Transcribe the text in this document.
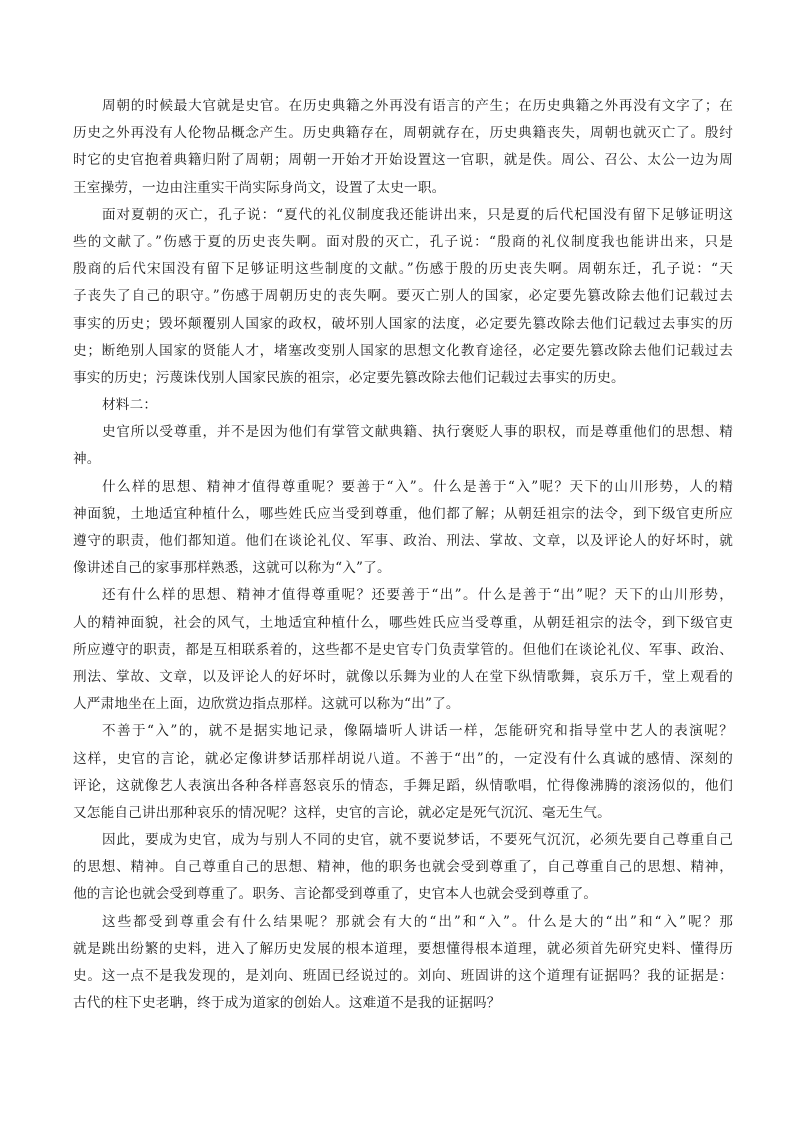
周朝的时候最大官就是史官。在历史典籍之外再没有语言的产生；在历史典籍之外再没有文字了；在
历史之外再没有人伦物品概念产生。历史典籍存在，周朝就存在，历史典籍丧失，周朝也就灭亡了。殷纣
时它的史官抱着典籍归附了周朝；周朝一开始才开始设置这一官职，就是佚。周公、召公、太公一边为周
王室操劳，一边由注重实干尚实际身尚文，设置了太史一职。
面对夏朝的灭亡，孔子说：“夏代的礼仪制度我还能讲出来，只是夏的后代杞国没有留下足够证明这
些的文献了。”伤感于夏的历史丧失啊。面对殷的灭亡，孔子说：“殷商的礼仪制度我也能讲出来，只是
殷商的后代宋国没有留下足够证明这些制度的文献。”伤感于殷的历史丧失啊。周朝东迁，孔子说：“天
子丧失了自己的职守。”伤感于周朝历史的丧失啊。要灭亡别人的国家，必定要先篡改除去他们记载过去
事实的历史；毁坏颠覆别人国家的政权，破坏别人国家的法度，必定要先篡改除去他们记载过去事实的历
史；断绝别人国家的贤能人才，堵塞改变别人国家的思想文化教育途径，必定要先篡改除去他们记载过去
事实的历史；污蔑诛伐别人国家民族的祖宗，必定要先篡改除去他们记载过去事实的历史。
材料二：
史官所以受尊重，并不是因为他们有掌管文献典籍、执行褒贬人事的职权，而是尊重他们的思想、精
神。
什么样的思想、精神才值得尊重呢？要善于“入”。什么是善于“入”呢？天下的山川形势，人的精
神面貌，土地适宜种植什么，哪些姓氏应当受到尊重，他们都了解；从朝廷祖宗的法令，到下级官吏所应
遵守的职责，他们都知道。他们在谈论礼仪、军事、政治、刑法、掌故、文章，以及评论人的好坏时，就
像讲述自己的家事那样熟悉，这就可以称为“入”了。
还有什么样的思想、精神才值得尊重呢？还要善于“出”。什么是善于“出”呢？天下的山川形势，
人的精神面貌，社会的风气，土地适宜种植什么，哪些姓氏应当受尊重，从朝廷祖宗的法令，到下级官吏
所应遵守的职责，都是互相联系着的，这些都不是史官专门负责掌管的。但他们在谈论礼仪、军事、政治、
刑法、掌故、文章，以及评论人的好坏时，就像以乐舞为业的人在堂下纵情歌舞，哀乐万千，堂上观看的
人严肃地坐在上面，边欣赏边指点那样。这就可以称为“出”了。
不善于“入”的，就不是据实地记录，像隔墙听人讲话一样，怎能研究和指导堂中艺人的表演呢？
这样，史官的言论，就必定像讲梦话那样胡说八道。不善于“出”的，一定没有什么真诚的感情、深刻的
评论，这就像艺人表演出各种各样喜怒哀乐的情态，手舞足蹈，纵情歌唱，忙得像沸腾的滚汤似的，他们
又怎能自己讲出那种哀乐的情况呢？这样，史官的言论，就必定是死气沉沉、毫无生气。
因此，要成为史官，成为与别人不同的史官，就不要说梦话，不要死气沉沉，必须先要自己尊重自己
的思想、精神。自己尊重自己的思想、精神，他的职务也就会受到尊重了，自己尊重自己的思想、精神，
他的言论也就会受到尊重了。职务、言论都受到尊重了，史官本人也就会受到尊重了。
这些都受到尊重会有什么结果呢？那就会有大的“出”和“入”。什么是大的“出”和“入”呢？那
就是跳出纷繁的史料，进入了解历史发展的根本道理，要想懂得根本道理，就必须首先研究史料、懂得历
史。这一点不是我发现的，是刘向、班固已经说过的。刘向、班固讲的这个道理有证据吗？我的证据是：
古代的柱下史老聃，终于成为道家的创始人。这难道不是我的证据吗？
